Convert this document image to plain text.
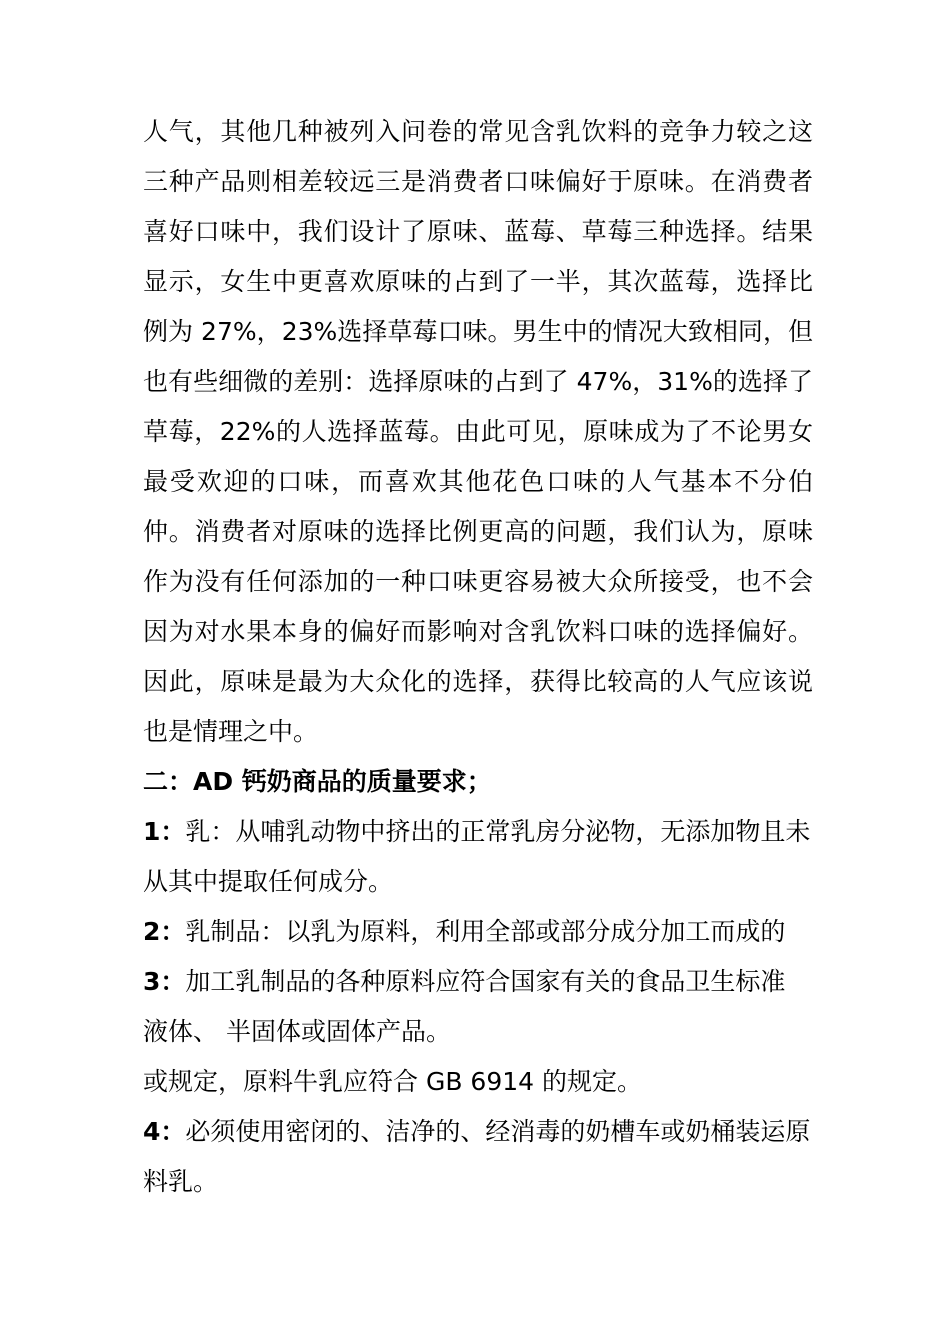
人气，其他几种被列入问卷的常见含乳饮料的竞争力较之这三种产品则相差较远三是消费者口味偏好于原味。在消费者喜好口味中，我们设计了原味、蓝莓、草莓三种选择。结果显示，女生中更喜欢原味的占到了一半，其次蓝莓，选择比例为 27%，23%选择草莓口味。男生中的情况大致相同，但也有些细微的差别：选择原味的占到了 47%，31%的选择了草莓，22%的人选择蓝莓。由此可见，原味成为了不论男女最受欢迎的口味，而喜欢其他花色口味的人气基本不分伯仲。消费者对原味的选择比例更高的问题，我们认为，原味作为没有任何添加的一种口味更容易被大众所接受，也不会因为对水果本身的偏好而影响对含乳饮料口味的选择偏好。因此，原味是最为大众化的选择，获得比较高的人气应该说也是情理之中。

二：AD 钙奶商品的质量要求；

1：乳：从哺乳动物中挤出的正常乳房分泌物，无添加物且未从其中提取任何成分。

2：乳制品：以乳为原料，利用全部或部分成分加工而成的

3：加工乳制品的各种原料应符合国家有关的食品卫生标准

液体、 半固体或固体产品。

或规定，原料牛乳应符合 GB 6914 的规定。

4：必须使用密闭的、洁净的、经消毒的奶槽车或奶桶装运原料乳。
